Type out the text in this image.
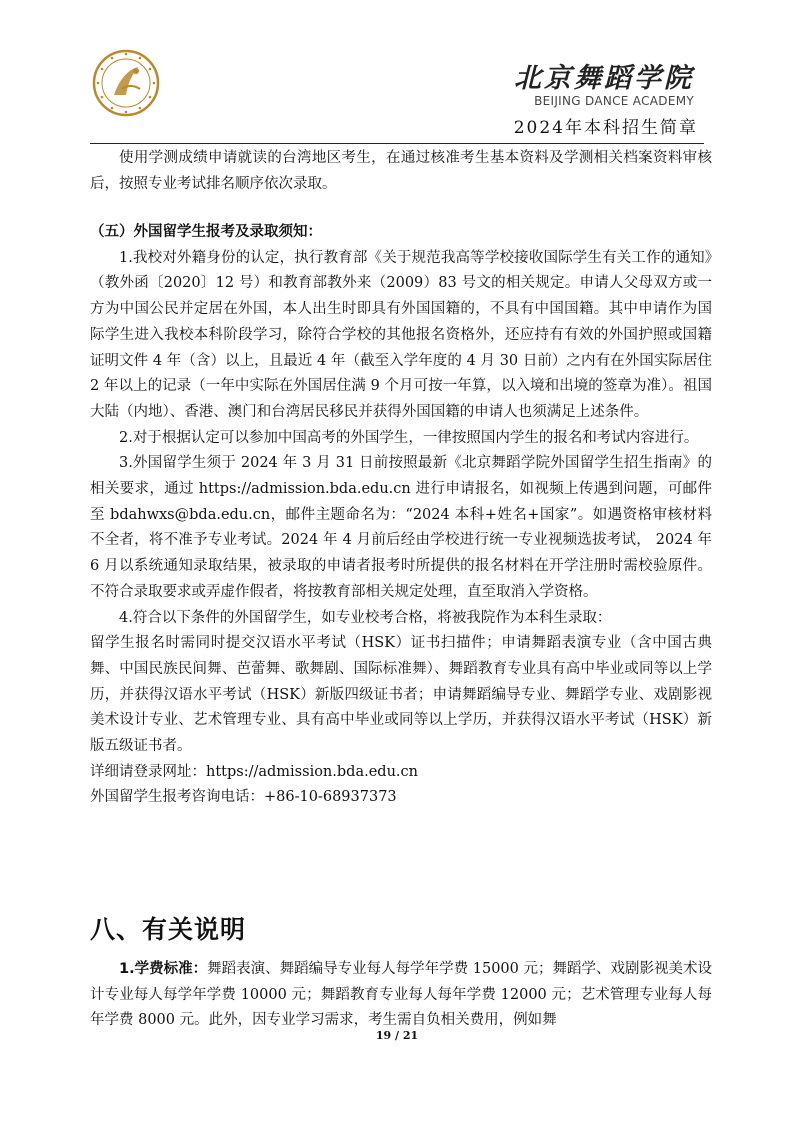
北京舞蹈学院
BEIJING DANCE ACADEMY
2024年本科招生简章

使用学测成绩申请就读的台湾地区考生，在通过核准考生基本资料及学测相关档案资料审核后，按照专业考试排名顺序依次录取。

（五）外国留学生报考及录取须知：

1.我校对外籍身份的认定，执行教育部《关于规范我高等学校接收国际学生有关工作的通知》（教外函〔2020〕12 号）和教育部教外来（2009）83 号文的相关规定。申请人父母双方或一方为中国公民并定居在外国，本人出生时即具有外国国籍的，不具有中国国籍。其中申请作为国际学生进入我校本科阶段学习，除符合学校的其他报名资格外，还应持有有效的外国护照或国籍证明文件 4 年（含）以上，且最近 4 年（截至入学年度的 4 月 30 日前）之内有在外国实际居住 2 年以上的记录（一年中实际在外国居住满 9 个月可按一年算，以入境和出境的签章为准）。祖国大陆（内地）、香港、澳门和台湾居民移民并获得外国国籍的申请人也须满足上述条件。

2.对于根据认定可以参加中国高考的外国学生，一律按照国内学生的报名和考试内容进行。

3.外国留学生须于 2024 年 3 月 31 日前按照最新《北京舞蹈学院外国留学生招生指南》的相关要求，通过 https://admission.bda.edu.cn 进行申请报名，如视频上传遇到问题，可邮件至 bdahwxs@bda.edu.cn，邮件主题命名为：“2024 本科+姓名+国家”。如遇资格审核材料不全者，将不准予专业考试。2024 年 4 月前后经由学校进行统一专业视频选拔考试， 2024 年 6 月以系统通知录取结果，被录取的申请者报考时所提供的报名材料在开学注册时需校验原件。不符合录取要求或弄虚作假者，将按教育部相关规定处理，直至取消入学资格。

4.符合以下条件的外国留学生，如专业校考合格，将被我院作为本科生录取：

留学生报名时需同时提交汉语水平考试（HSK）证书扫描件；申请舞蹈表演专业（含中国古典舞、中国民族民间舞、芭蕾舞、歌舞剧、国际标准舞）、舞蹈教育专业具有高中毕业或同等以上学历，并获得汉语水平考试（HSK）新版四级证书者；申请舞蹈编导专业、舞蹈学专业、戏剧影视美术设计专业、艺术管理专业、具有高中毕业或同等以上学历，并获得汉语水平考试（HSK）新版五级证书者。

详细请登录网址：https://admission.bda.edu.cn

外国留学生报考咨询电话：+86-10-68937373

八、有关说明

1.学费标准：舞蹈表演、舞蹈编导专业每人每学年学费 15000 元；舞蹈学、戏剧影视美术设计专业每人每学年学费 10000 元；舞蹈教育专业每人每年学费 12000 元；艺术管理专业每人每年学费 8000 元。此外，因专业学习需求，考生需自负相关费用，例如舞

19 / 21
